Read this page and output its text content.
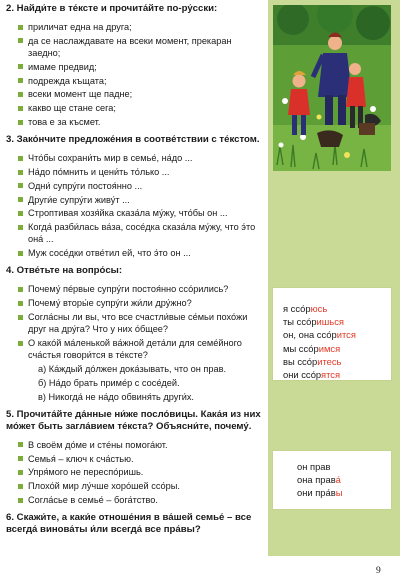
2. Найди́те в те́ксте и прочита́йте по-ру́сски:
приличат една на друга;
да се наслаждавате на всеки момент, прекаран заедно;
имаме предвид;
подрежда къщата;
всеки момент ще падне;
какво ще стане сега;
това е за късмет.
3. Зако́нчите предложе́ния в соотве́тствии с те́кстом.
Что́бы сохрани́ть мир в семье́, на́до ...
На́до по́мнить и цени́ть то́лько ...
Одни́ супру́ги постоя́нно ...
Други́е супру́ги живу́т ...
Строптивая хозя́йка сказа́ла му́жу, что́бы он ...
Когда́ разби́лась ва́за, сосе́дка сказа́ла му́жу, что э́то она́ ...
Муж сосе́дки отве́тил ей, что э́то он ...
4. Отве́тьте на вопро́сы:
Почему́ пе́рвые супру́ги постоя́нно ссо́рились?
Почему́ вторы́е супру́ги жи́ли дру́жно?
Согла́сны ли вы, что все счастли́вые се́мьи похо́жи друг на дру́га? Что у них о́бщее?
О како́й ма́ленькой ва́жной дета́ли для семе́йного сча́стья говори́тся в те́ксте?
а) Ка́ждый до́лжен дока́зывать, что он прав.
б) На́до брать приме́р с сосе́дей.
в) Никогда́ не на́до обвиня́ть други́х.
5. Прочита́йте да́нные ни́же посло́вицы. Кака́я из них мо́жет быть загла́вием те́кста? Объясни́те, почему́.
В своём до́ме и сте́ны помога́ют.
Семья́ – ключ к сча́стью.
Упря́мого не переспо́ришь.
Плохо́й мир лу́чше хоро́шей ссо́ры.
Согла́сье в семье́ – бога́тство.
6. Скажи́те, а каки́е отноше́ния в ва́шей семье́ – все всегда́ винова́ты и́ли всегда́ все пра́вы?
я ссо́рюсь
ты ссо́ришься
он, она ссо́рится
мы ссо́римся
вы ссо́ритесь
они ссо́рятся
он прав
она права́
они пра́вы
9
